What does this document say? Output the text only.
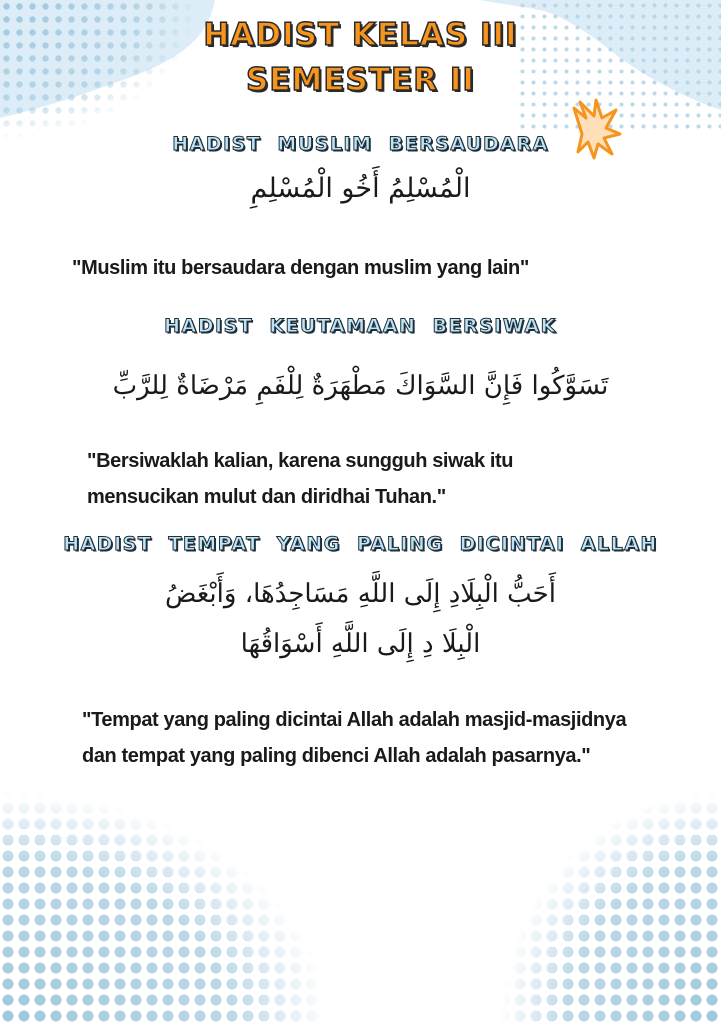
HADIST KELAS III
SEMESTER II
HADIST MUSLIM BERSAUDARA
الْمُسْلِمُ أَخُو الْمُسْلِمِ
"Muslim itu bersaudara dengan muslim yang lain"
HADIST KEUTAMAAN BERSIWAK
تَسَوَّكُوا فَإِنَّ السَّوَاكَ مَطْهَرَةٌ لِلْفَمِ مَرْضَاةٌ لِلرَّبِّ
"Bersiwaklah kalian, karena sungguh siwak itu mensucikan mulut dan diridhai Tuhan."
HADIST TEMPAT YANG PALING DICINTAI ALLAH
أَحَبُّ الْبِلَادِ إِلَى اللَّهِ مَسَاجِدُهَا، وَأَبْغَضُ
الْبِلَا دِ إِلَى اللَّهِ أَسْوَاقُهَا
"Tempat yang paling dicintai Allah adalah masjid-masjidnya dan tempat yang paling dibenci Allah adalah pasarnya."
